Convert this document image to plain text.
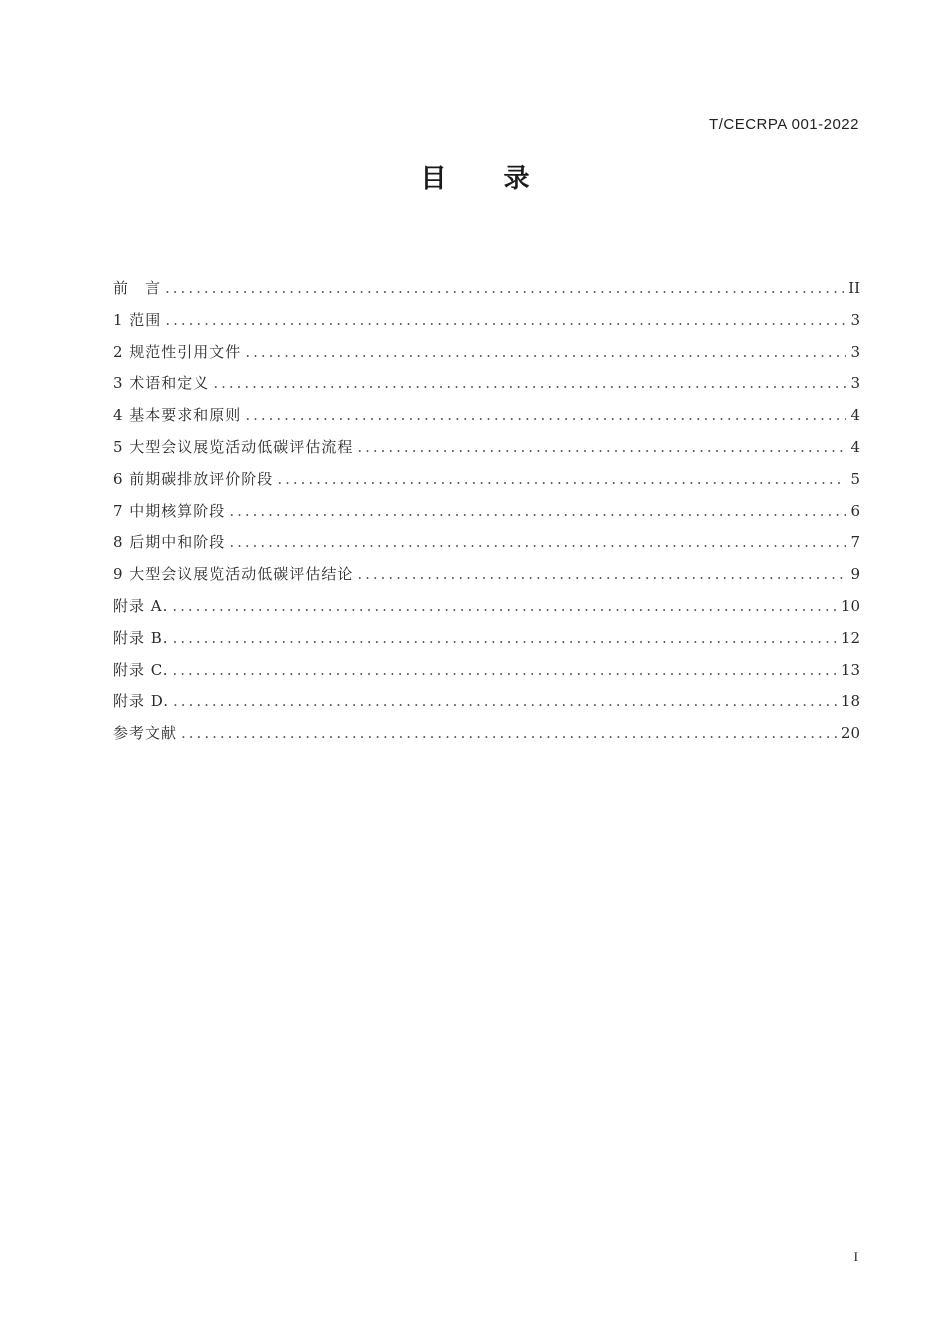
T/CECRPA 001-2022
目 录
前　言 .....	II
1 范围 .....	3
2 规范性引用文件 .....	3
3 术语和定义 .....	3
4 基本要求和原则 .....	4
5 大型会议展览活动低碳评估流程 .....	4
6 前期碳排放评价阶段 .....	5
7 中期核算阶段 .....	6
8 后期中和阶段 .....	7
9 大型会议展览活动低碳评估结论 .....	9
附录 A. .....	10
附录 B. .....	12
附录 C. .....	13
附录 D. .....	18
参考文献 .....	20
I
